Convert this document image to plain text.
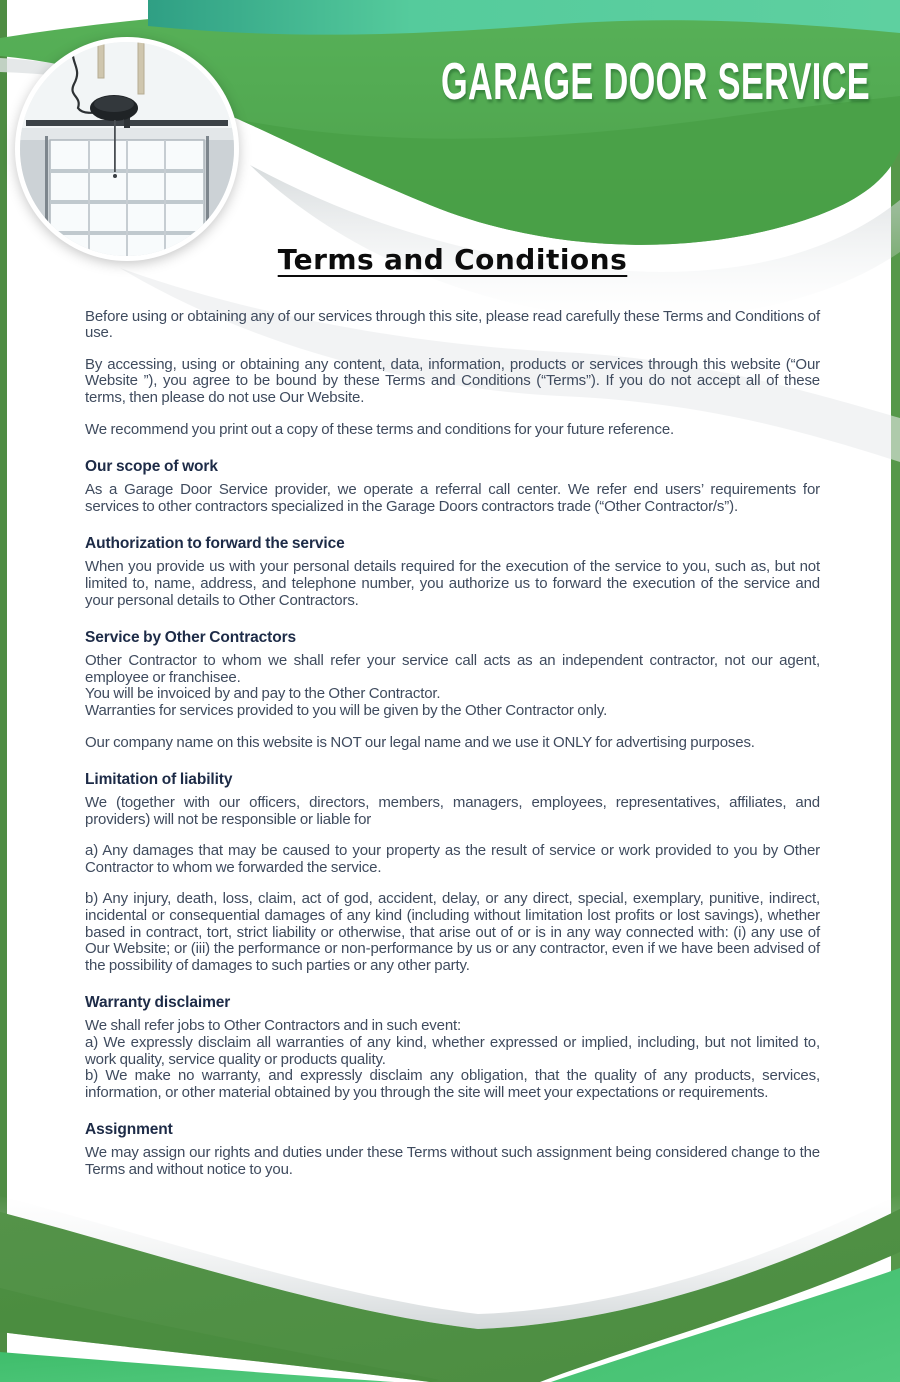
GARAGE DOOR SERVICE
Terms and Conditions

Before using or obtaining any of our services through this site, please read carefully these Terms and Conditions of use.

By accessing, using or obtaining any content, data, information, products or services through this website (“Our Website ”), you agree to be bound by these Terms and Conditions (“Terms”). If you do not accept all of these terms, then please do not use Our Website.

We recommend you print out a copy of these terms and conditions for your future reference.

Our scope of work

As a Garage Door Service provider, we operate a referral call center. We refer end users’ requirements for services to other contractors specialized in the Garage Doors contractors trade (“Other Contractor/s”).

Authorization to forward the service

When you provide us with your personal details required for the execution of the service to you, such as, but not limited to, name, address, and telephone number, you authorize us to forward the execution of the service and your personal details to Other Contractors.

Service by Other Contractors

Other Contractor to whom we shall refer your service call acts as an independent contractor, not our agent, employee or franchisee.
You will be invoiced by and pay to the Other Contractor.
Warranties for services provided to you will be given by the Other Contractor only.

Our company name on this website is NOT our legal name and we use it ONLY for advertising purposes.

Limitation of liability

We (together with our officers, directors, members, managers, employees, representatives, affiliates, and providers) will not be responsible or liable for

a) Any damages that may be caused to your property as the result of service or work provided to you by Other Contractor to whom we forwarded the service.

b) Any injury, death, loss, claim, act of god, accident, delay, or any direct, special, exemplary, punitive, indirect, incidental or consequential damages of any kind (including without limitation lost profits or lost savings), whether based in contract, tort, strict liability or otherwise, that arise out of or is in any way connected with: (i) any use of Our Website; or (iii) the performance or non-performance by us or any contractor, even if we have been advised of the possibility of damages to such parties or any other party.

Warranty disclaimer

We shall refer jobs to Other Contractors and in such event:
a) We expressly disclaim all warranties of any kind, whether expressed or implied, including, but not limited to, work quality, service quality or products quality.
b) We make no warranty, and expressly disclaim any obligation, that the quality of any products, services, information, or other material obtained by you through the site will meet your expectations or requirements.

Assignment

We may assign our rights and duties under these Terms without such assignment being considered change to the Terms and without notice to you.
